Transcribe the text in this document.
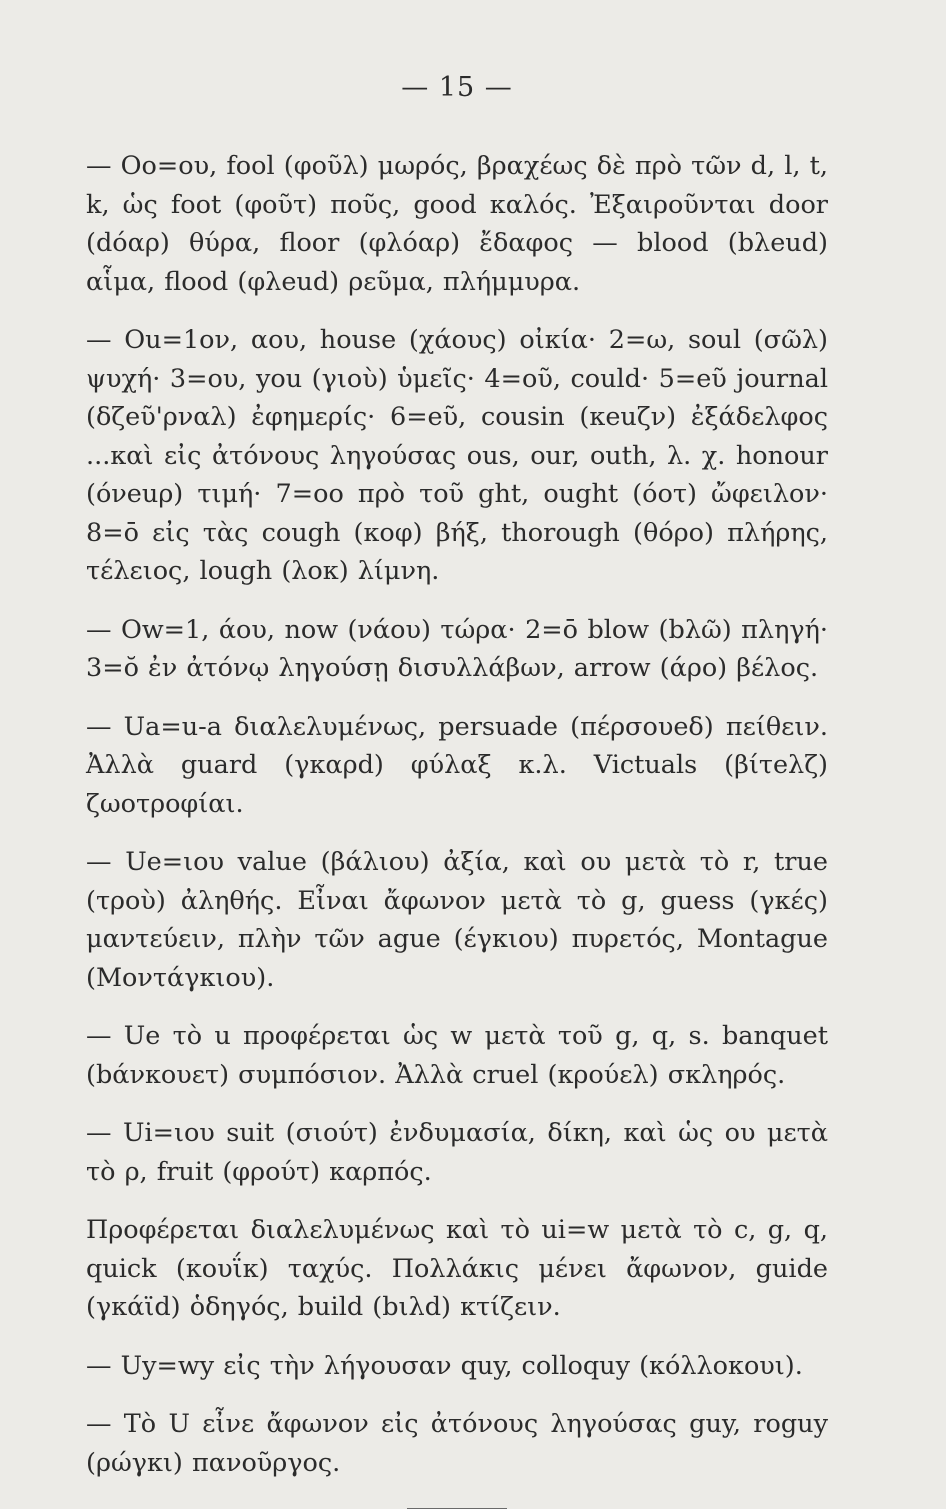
— 15 —
— Oo=ου, fool (φοῦλ) μωρός, βραχέως δὲ πρὸ τῶν d, l, t, k, ὡς foot (φοῦτ) ποῦς, good καλός. Ἐξαιροῦνται door (dόαρ) θύρα, floor (φλόαρ) ἔδαφος — blood (bλeud) αἷμα, flood (φλeud) ρεῦμα, πλήμμυρα.
— Ou=1ον, αου, house (χάους) οἰκία· 2=ω, soul (σῶλ) ψυχή· 3=ου, you (γιοὺ) ὑμεῖς· 4=οῦ, could· 5=eῦ journal (δζeῦ'ρναλ) ἐφημερίς· 6=eῦ, cousin (κeuζν) ἐξάδελφος ...καὶ εἰς ἀτόνους ληγούσας ous, our, outh, λ. χ. honour (όνeuρ) τιμή· 7=oo πρὸ τοῦ ght, ought (όοτ) ὤφειλον· 8=ō εἰς τὰς cough (κοφ) βήξ, thorough (θόρο) πλήρης, τέλειος, lough (λοκ) λίμνη.
— Ow=1, άου, now (νάου) τώρα· 2=ō blow (bλῶ) πληγή· 3=ŏ ἐν ἀτόνῳ ληγούσῃ δισυλλάβων, arrow (άρο) βέλος.
— Ua=u-a διαλελυμένως, persuade (πέρσουeδ) πείθειν. Ἀλλὰ guard (γκαρd) φύλαξ κ.λ. Victuals (βίτeλζ) ζωοτροφίαι.
— Ue=ιου value (βάλιου) ἀξία, καὶ ου μετὰ τὸ r, true (τροὺ) ἀληθής. Εἶναι ἄφωνον μετὰ τὸ g, guess (γκές) μαντεύειν, πλὴν τῶν ague (έγκιου) πυρετός, Montague (Μοντάγκιου).
— Ue τὸ u προφέρεται ὡς w μετὰ τοῦ g, q, s. banquet (bάνκουετ) συμπόσιον. Ἀλλὰ cruel (κρούελ) σκληρός.
— Ui=ιου suit (σιούτ) ἐνδυμασία, δίκη, καὶ ὡς ου μετὰ τὸ ρ, fruit (φρούτ) καρπός.
Προφέρεται διαλελυμένως καὶ τὸ ui=w μετὰ τὸ c, g, q, quick (κουΐκ) ταχύς. Πολλάκις μένει ἄφωνον, guide (γκάϊd) ὁδηγός, build (bιλd) κτίζειν.
— Uy=wy εἰς τὴν λήγουσαν quy, colloquy (κόλλοκουι).
— Τὸ U εἶνε ἄφωνον εἰς ἀτόνους ληγούσας guy, roguy (ρώγκι) πανοῦργος.
